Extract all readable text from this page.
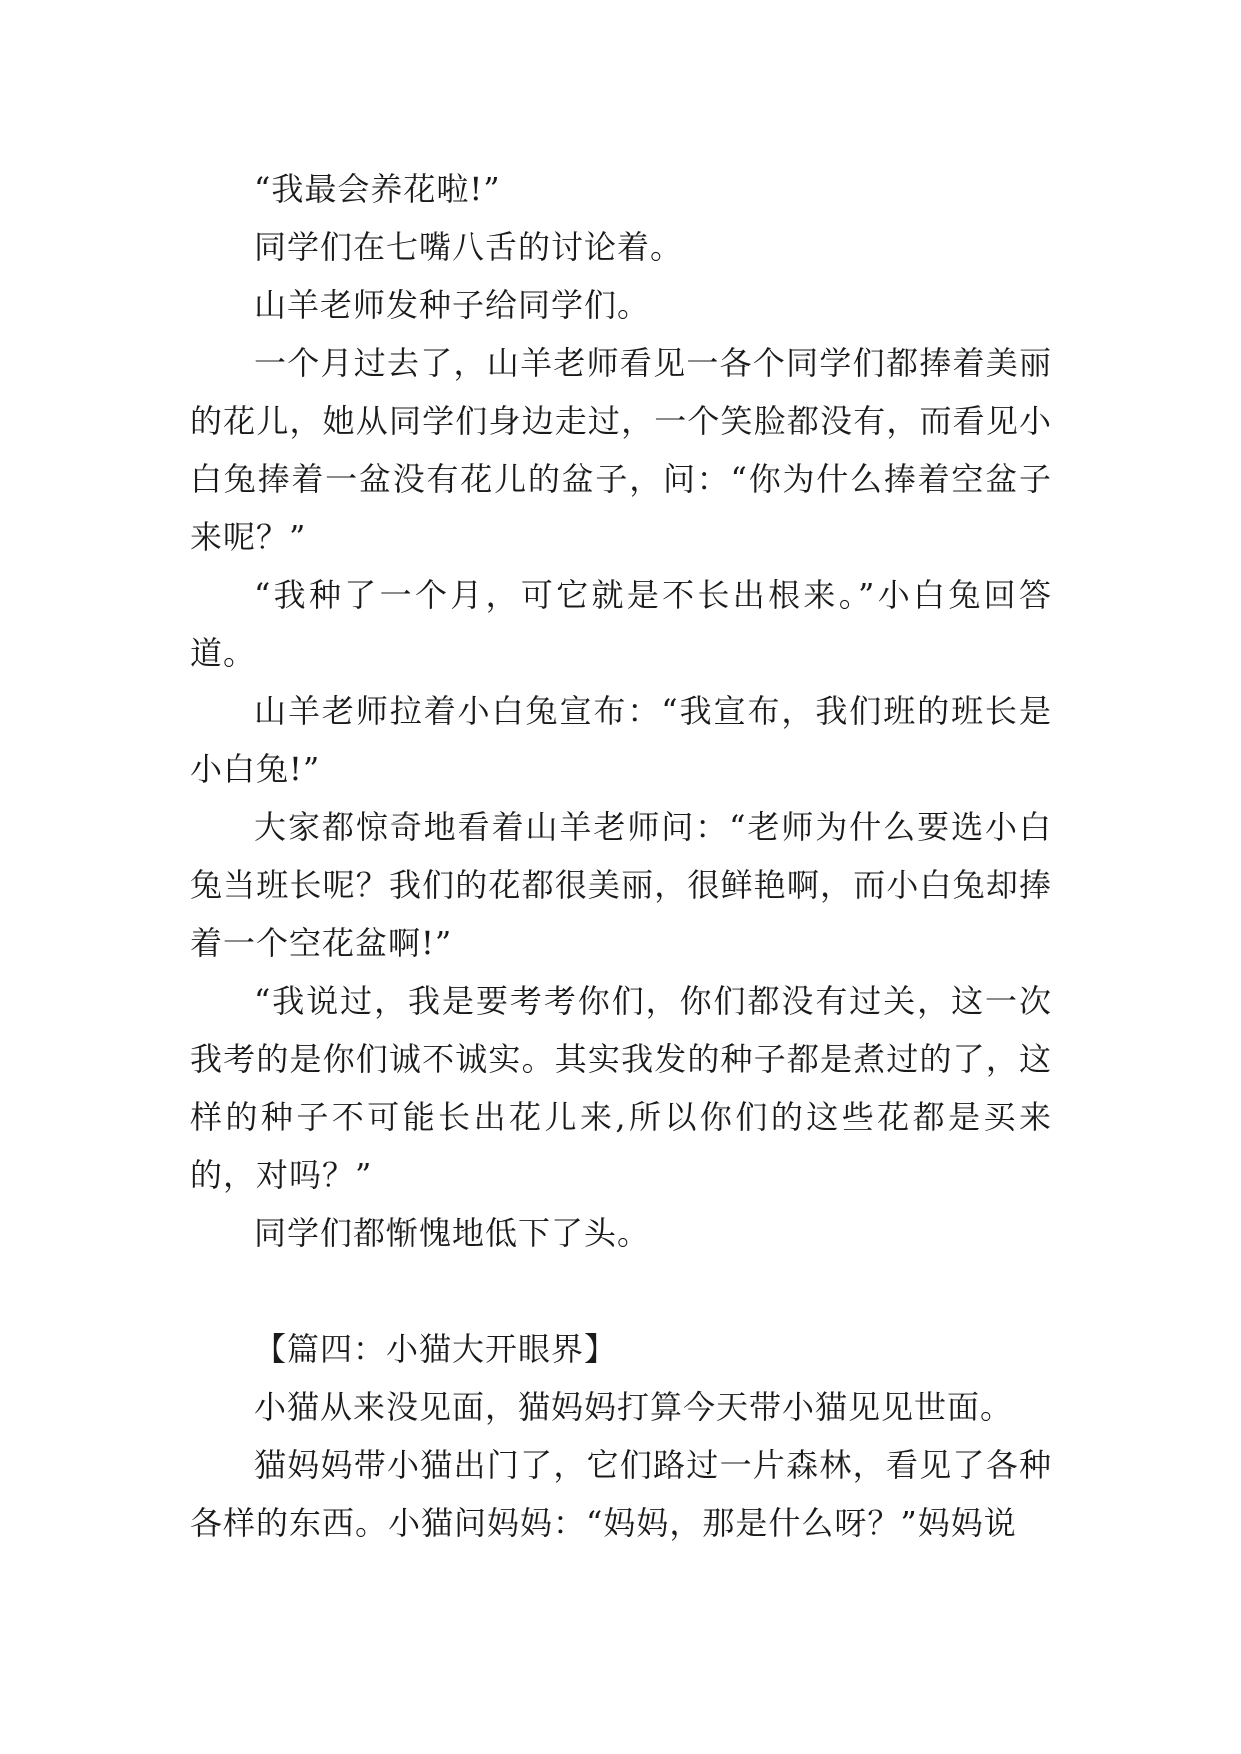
“我最会养花啦!”

同学们在七嘴八舌的讨论着。

山羊老师发种子给同学们。

一个月过去了，山羊老师看见一各个同学们都捧着美丽的花儿，她从同学们身边走过，一个笑脸都没有，而看见小白兔捧着一盆没有花儿的盆子，问：“你为什么捧着空盆子来呢？”

“我种了一个月，可它就是不长出根来。”小白兔回答道。

山羊老师拉着小白兔宣布：“我宣布，我们班的班长是小白兔!”

大家都惊奇地看着山羊老师问：“老师为什么要选小白兔当班长呢？我们的花都很美丽，很鲜艳啊，而小白兔却捧着一个空花盆啊!”

“我说过，我是要考考你们，你们都没有过关，这一次我考的是你们诚不诚实。其实我发的种子都是煮过的了，这样的种子不可能长出花儿来,所以你们的这些花都是买来的，对吗？”

同学们都惭愧地低下了头。

【篇四：小猫大开眼界】

小猫从来没见面，猫妈妈打算今天带小猫见见世面。

猫妈妈带小猫出门了，它们路过一片森林，看见了各种各样的东西。小猫问妈妈：“妈妈，那是什么呀？”妈妈说
